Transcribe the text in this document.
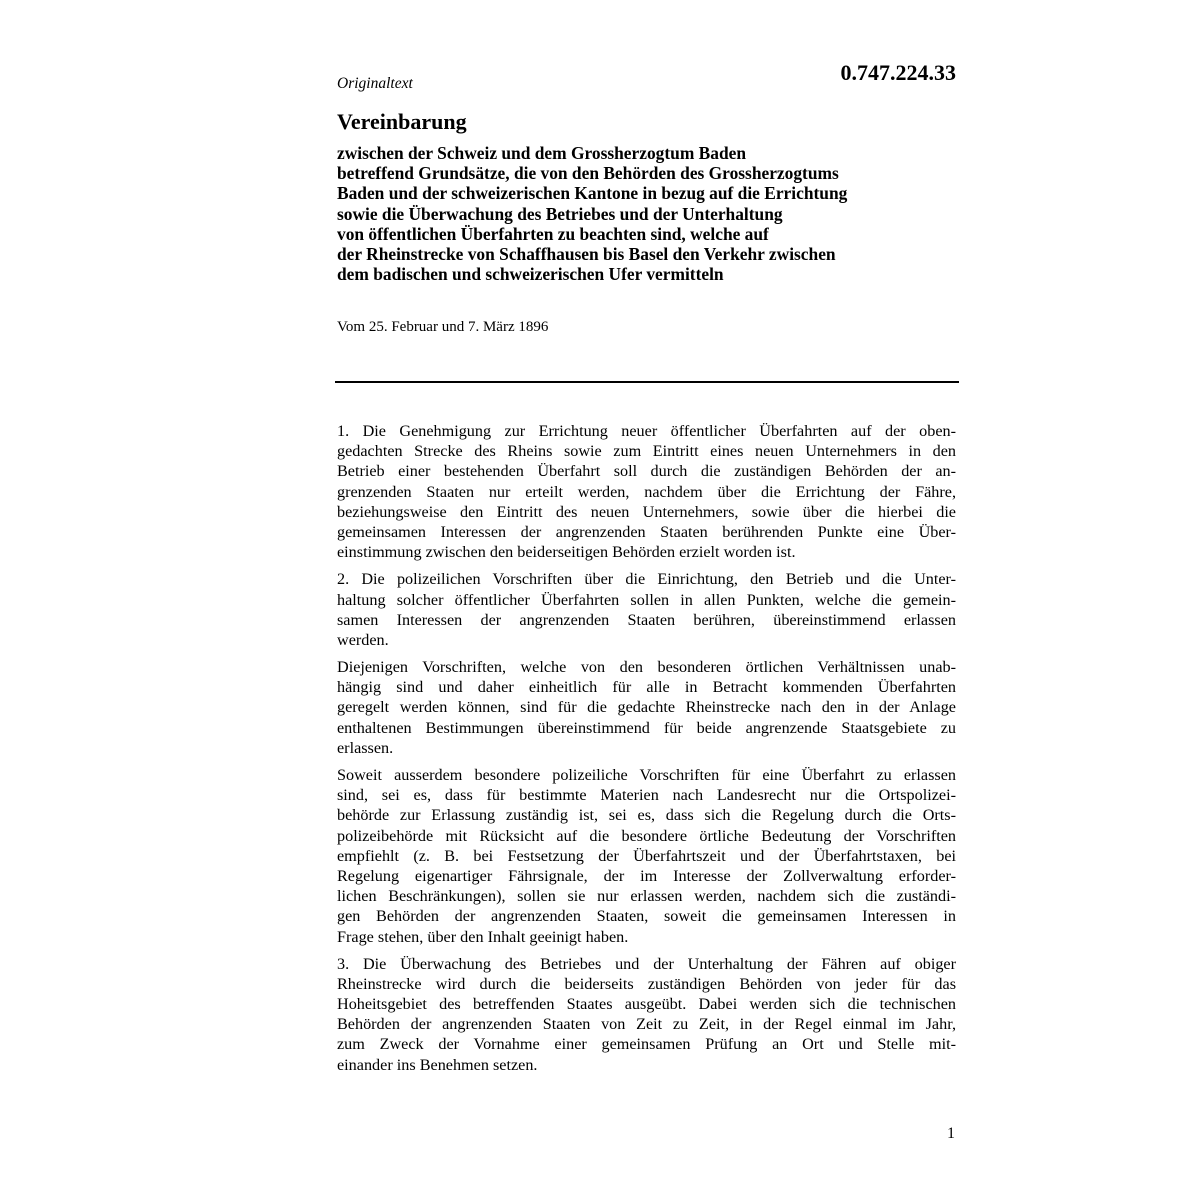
0.747.224.33
Originaltext
Vereinbarung
zwischen der Schweiz und dem Grossherzogtum Baden
betreffend Grundsätze, die von den Behörden des Grossherzogtums
Baden und der schweizerischen Kantone in bezug auf die Errichtung
sowie die Überwachung des Betriebes und der Unterhaltung
von öffentlichen Überfahrten zu beachten sind, welche auf
der Rheinstrecke von Schaffhausen bis Basel den Verkehr zwischen
dem badischen und schweizerischen Ufer vermitteln
Vom 25. Februar und 7. März 1896

1. Die Genehmigung zur Errichtung neuer öffentlicher Überfahrten auf der oben-
gedachten Strecke des Rheins sowie zum Eintritt eines neuen Unternehmers in den
Betrieb einer bestehenden Überfahrt soll durch die zuständigen Behörden der an-
grenzenden Staaten nur erteilt werden, nachdem über die Errichtung der Fähre,
beziehungsweise den Eintritt des neuen Unternehmers, sowie über die hierbei die
gemeinsamen Interessen der angrenzenden Staaten berührenden Punkte eine Über-
einstimmung zwischen den beiderseitigen Behörden erzielt worden ist.

2. Die polizeilichen Vorschriften über die Einrichtung, den Betrieb und die Unter-
haltung solcher öffentlicher Überfahrten sollen in allen Punkten, welche die gemein-
samen Interessen der angrenzenden Staaten berühren, übereinstimmend erlassen
werden.

Diejenigen Vorschriften, welche von den besonderen örtlichen Verhältnissen unab-
hängig sind und daher einheitlich für alle in Betracht kommenden Überfahrten
geregelt werden können, sind für die gedachte Rheinstrecke nach den in der Anlage
enthaltenen Bestimmungen übereinstimmend für beide angrenzende Staatsgebiete zu
erlassen.

Soweit ausserdem besondere polizeiliche Vorschriften für eine Überfahrt zu erlassen
sind, sei es, dass für bestimmte Materien nach Landesrecht nur die Ortspolizei-
behörde zur Erlassung zuständig ist, sei es, dass sich die Regelung durch die Orts-
polizeibehörde mit Rücksicht auf die besondere örtliche Bedeutung der Vorschriften
empfiehlt (z. B. bei Festsetzung der Überfahrtszeit und der Überfahrtstaxen, bei
Regelung eigenartiger Fährsignale, der im Interesse der Zollverwaltung erforder-
lichen Beschränkungen), sollen sie nur erlassen werden, nachdem sich die zuständi-
gen Behörden der angrenzenden Staaten, soweit die gemeinsamen Interessen in
Frage stehen, über den Inhalt geeinigt haben.

3. Die Überwachung des Betriebes und der Unterhaltung der Fähren auf obiger
Rheinstrecke wird durch die beiderseits zuständigen Behörden von jeder für das
Hoheitsgebiet des betreffenden Staates ausgeübt. Dabei werden sich die technischen
Behörden der angrenzenden Staaten von Zeit zu Zeit, in der Regel einmal im Jahr,
zum Zweck der Vornahme einer gemeinsamen Prüfung an Ort und Stelle mit-
einander ins Benehmen setzen.

1
